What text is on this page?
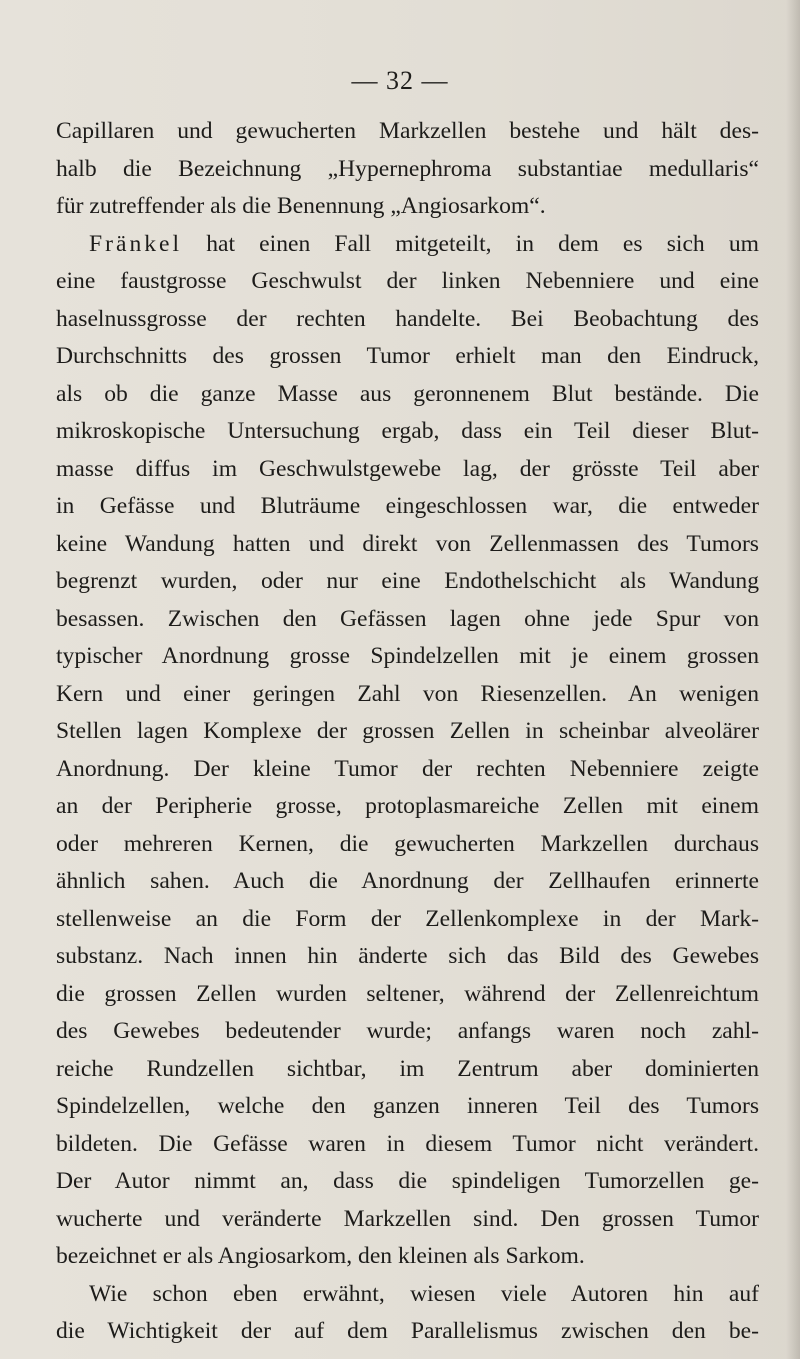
— 32 —
Capillaren und gewucherten Markzellen bestehe und hält des-
halb die Bezeichnung „Hypernephroma substantiae medullaris“
für zutreffender als die Benennung „Angiosarkom“.
Fränkel hat einen Fall mitgeteilt, in dem es sich um
eine faustgrosse Geschwulst der linken Nebenniere und eine
haselnussgrosse der rechten handelte. Bei Beobachtung des
Durchschnitts des grossen Tumor erhielt man den Eindruck,
als ob die ganze Masse aus geronnenem Blut bestände. Die
mikroskopische Untersuchung ergab, dass ein Teil dieser Blut-
masse diffus im Geschwulstgewebe lag, der grösste Teil aber
in Gefässe und Bluträume eingeschlossen war, die entweder
keine Wandung hatten und direkt von Zellenmassen des Tumors
begrenzt wurden, oder nur eine Endothelschicht als Wandung
besassen. Zwischen den Gefässen lagen ohne jede Spur von
typischer Anordnung grosse Spindelzellen mit je einem grossen
Kern und einer geringen Zahl von Riesenzellen. An wenigen
Stellen lagen Komplexe der grossen Zellen in scheinbar alveolärer
Anordnung. Der kleine Tumor der rechten Nebenniere zeigte
an der Peripherie grosse, protoplasmareiche Zellen mit einem
oder mehreren Kernen, die gewucherten Markzellen durchaus
ähnlich sahen. Auch die Anordnung der Zellhaufen erinnerte
stellenweise an die Form der Zellenkomplexe in der Mark-
substanz. Nach innen hin änderte sich das Bild des Gewebes
die grossen Zellen wurden seltener, während der Zellenreichtum
des Gewebes bedeutender wurde; anfangs waren noch zahl-
reiche Rundzellen sichtbar, im Zentrum aber dominierten
Spindelzellen, welche den ganzen inneren Teil des Tumors
bildeten. Die Gefässe waren in diesem Tumor nicht verändert.
Der Autor nimmt an, dass die spindeligen Tumorzellen ge-
wucherte und veränderte Markzellen sind. Den grossen Tumor
bezeichnet er als Angiosarkom, den kleinen als Sarkom.
Wie schon eben erwähnt, wiesen viele Autoren hin auf
die Wichtigkeit der auf dem Parallelismus zwischen den be-
